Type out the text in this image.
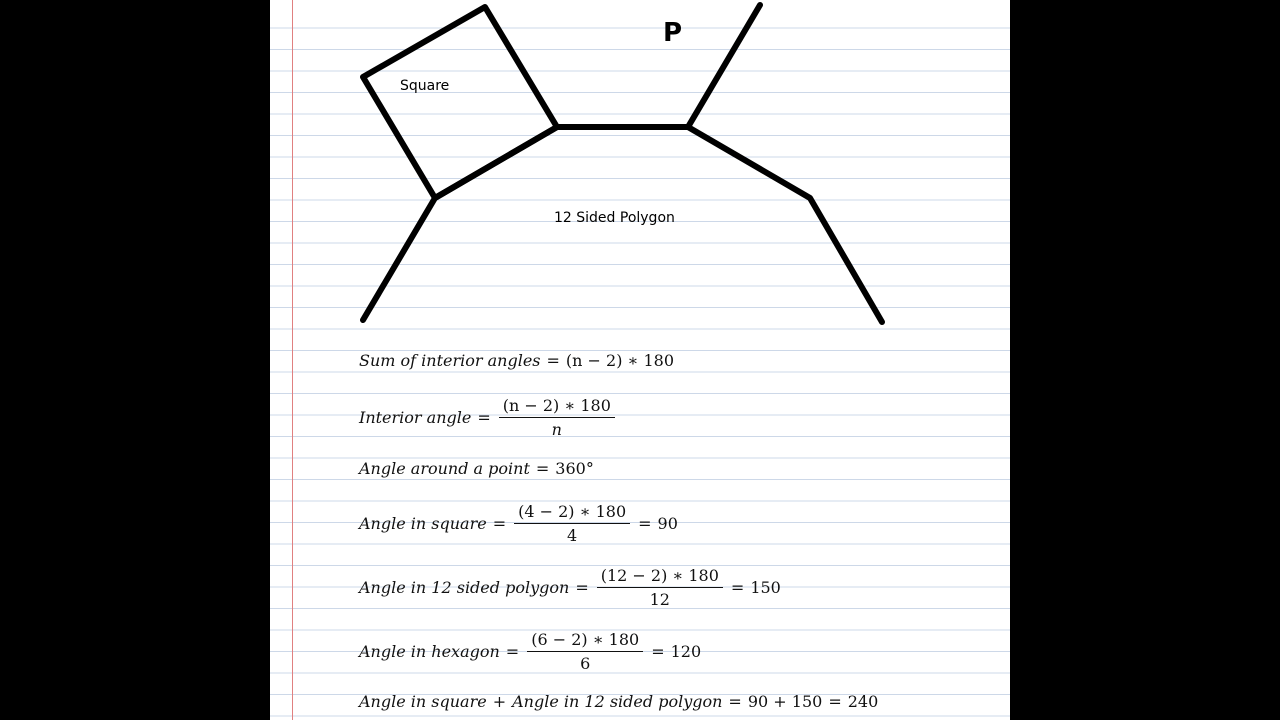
P
Square
12 Sided Polygon
Sum of interior angles = (n − 2) ∗ 180
Interior angle = $\frac{(n - 2) ∗ 180}{n}$
Angle around a point = 360°
Angle in square = $\frac{(4 - 2) ∗ 180}{4} = 90$
Angle in 12 sided polygon = $\frac{(12 - 2) ∗ 180}{12} = 150$
Angle in hexagon = $\frac{(6 - 2) ∗ 180}{6} = 120$
Angle in square + Angle in 12 sided polygon = 90 + 150 = 240
